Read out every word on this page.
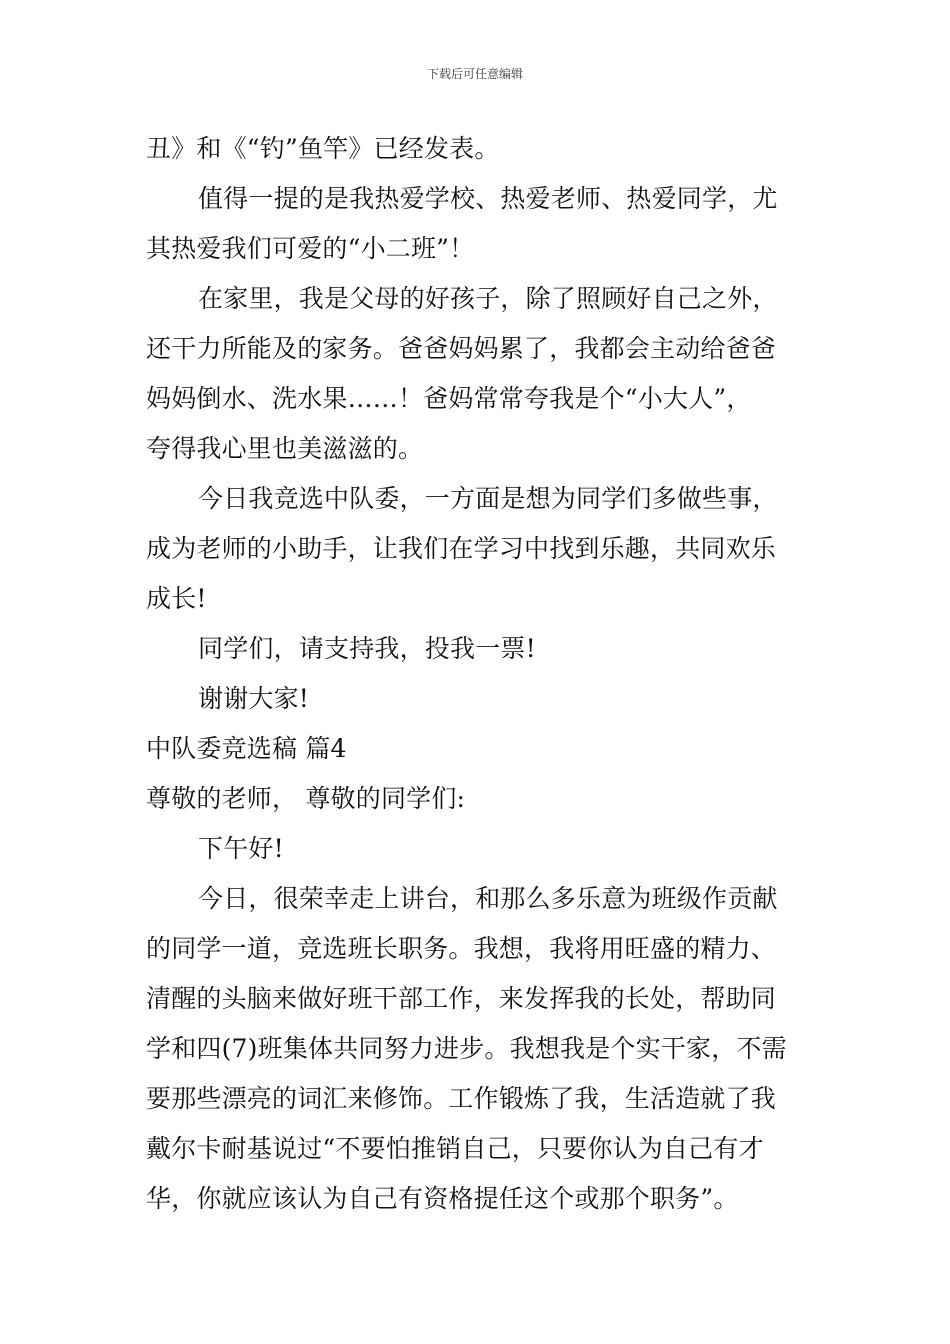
下载后可任意编辑
丑》和《“钓”鱼竿》已经发表。
值得一提的是我热爱学校、热爱老师、热爱同学，尤
其热爱我们可爱的“小二班”！
在家里，我是父母的好孩子，除了照顾好自己之外，
还干力所能及的家务。爸爸妈妈累了，我都会主动给爸爸
妈妈倒水、洗水果……！爸妈常常夸我是个“小大人”，
夸得我心里也美滋滋的。
今日我竞选中队委，一方面是想为同学们多做些事，
成为老师的小助手，让我们在学习中找到乐趣，共同欢乐
成长!
同学们，请支持我，投我一票!
谢谢大家!
中队委竞选稿 篇4
尊敬的老师， 尊敬的同学们:
下午好!
今日，很荣幸走上讲台，和那么多乐意为班级作贡献
的同学一道，竞选班长职务。我想，我将用旺盛的精力、
清醒的头脑来做好班干部工作，来发挥我的长处，帮助同
学和四(7)班集体共同努力进步。我想我是个实干家，不需
要那些漂亮的词汇来修饰。工作锻炼了我，生活造就了我
戴尔卡耐基说过“不要怕推销自己，只要你认为自己有才
华，你就应该认为自己有资格提任这个或那个职务”。
